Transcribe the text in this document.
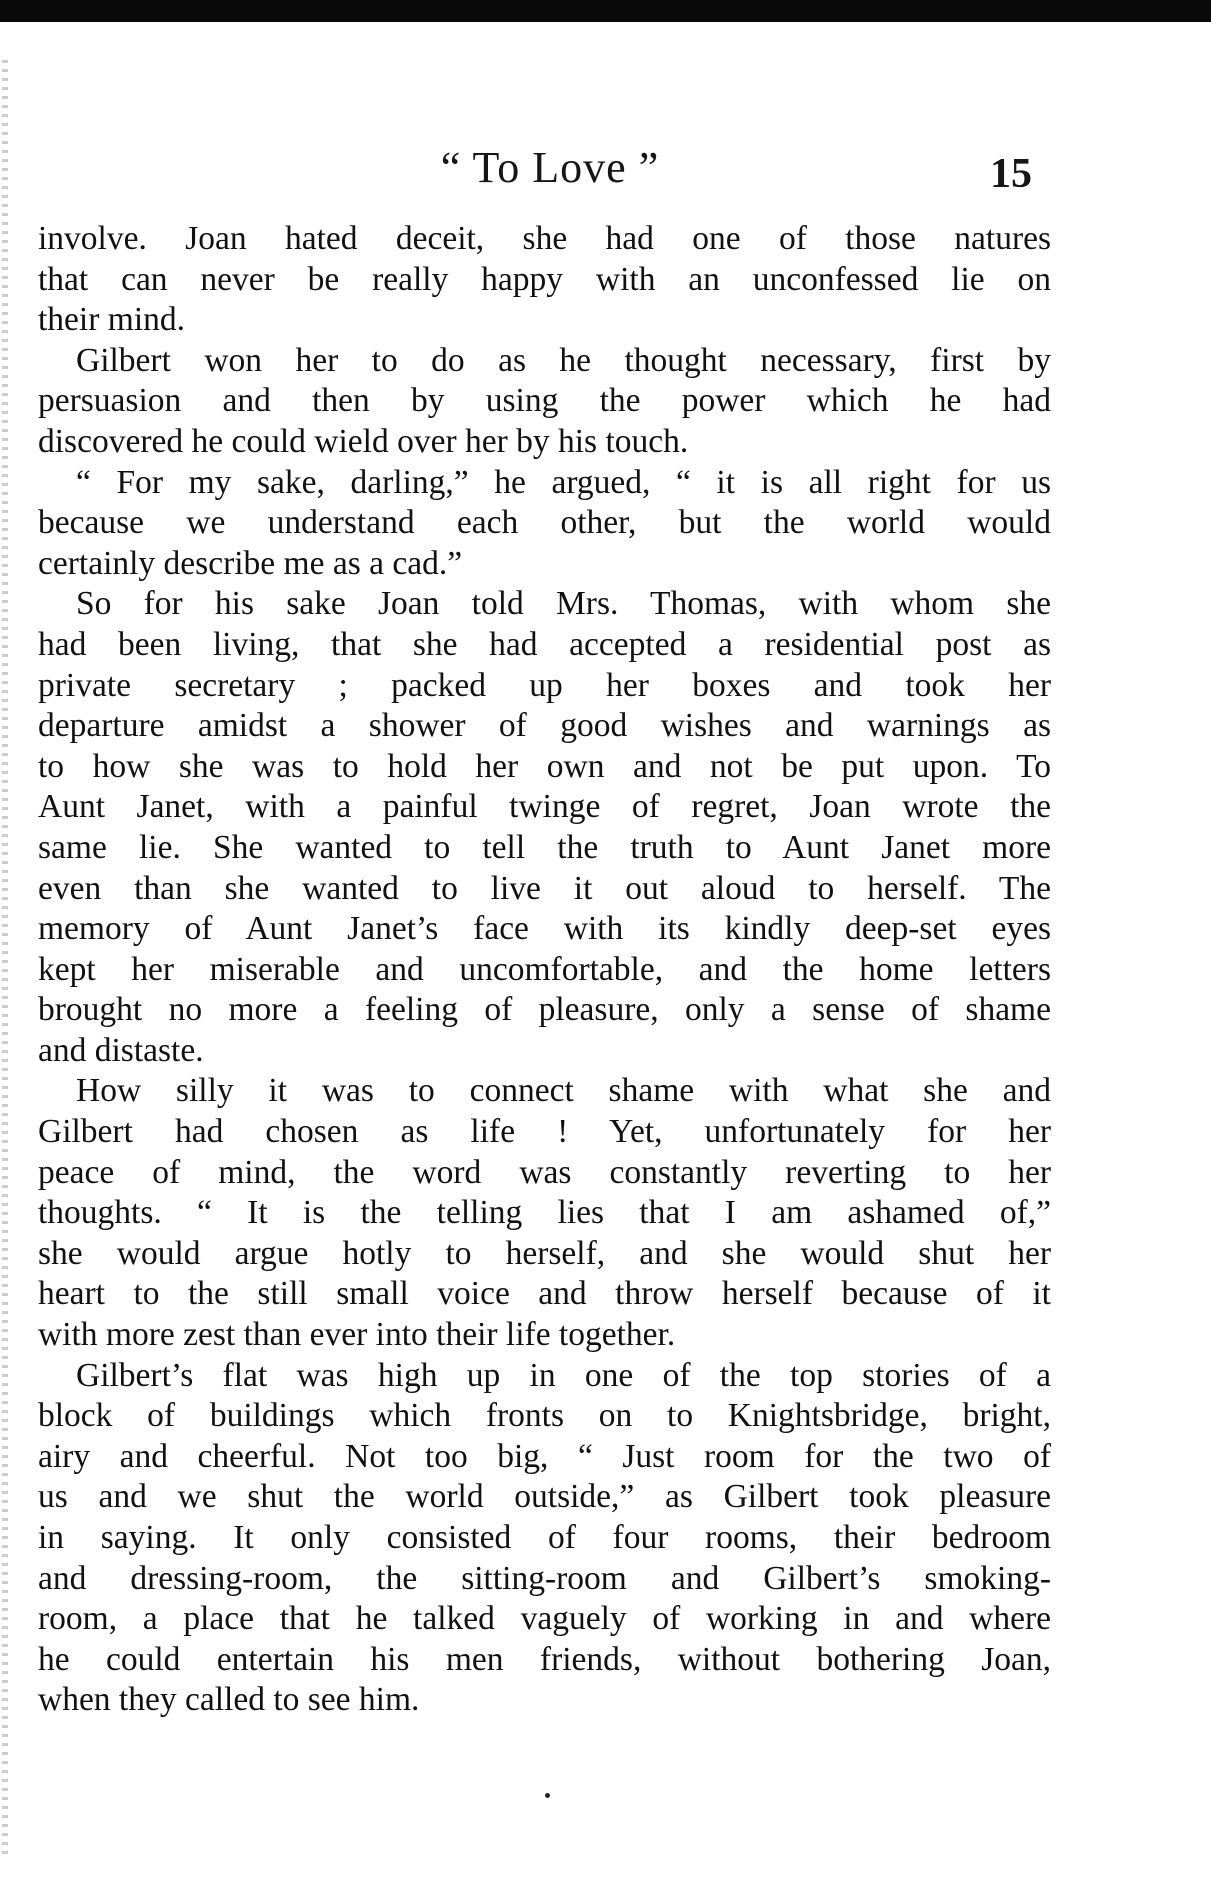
“ To Love ”	15
involve. Joan hated deceit, she had one of those natures
that can never be really happy with an unconfessed lie on
their mind.
Gilbert won her to do as he thought necessary, first by
persuasion and then by using the power which he had
discovered he could wield over her by his touch.
“ For my sake, darling,” he argued, “ it is all right for us
because we understand each other, but the world would
certainly describe me as a cad.”
So for his sake Joan told Mrs. Thomas, with whom she
had been living, that she had accepted a residential post as
private secretary ; packed up her boxes and took her
departure amidst a shower of good wishes and warnings as
to how she was to hold her own and not be put upon. To
Aunt Janet, with a painful twinge of regret, Joan wrote the
same lie. She wanted to tell the truth to Aunt Janet more
even than she wanted to live it out aloud to herself. The
memory of Aunt Janet’s face with its kindly deep-set eyes
kept her miserable and uncomfortable, and the home letters
brought no more a feeling of pleasure, only a sense of shame
and distaste.
How silly it was to connect shame with what she and
Gilbert had chosen as life ! Yet, unfortunately for her
peace of mind, the word was constantly reverting to her
thoughts. “ It is the telling lies that I am ashamed of,”
she would argue hotly to herself, and she would shut her
heart to the still small voice and throw herself because of it
with more zest than ever into their life together.
Gilbert’s flat was high up in one of the top stories of a
block of buildings which fronts on to Knightsbridge, bright,
airy and cheerful. Not too big, “ Just room for the two of
us and we shut the world outside,” as Gilbert took pleasure
in saying. It only consisted of four rooms, their bedroom
and dressing-room, the sitting-room and Gilbert’s smoking-
room, a place that he talked vaguely of working in and where
he could entertain his men friends, without bothering Joan,
when they called to see him.
